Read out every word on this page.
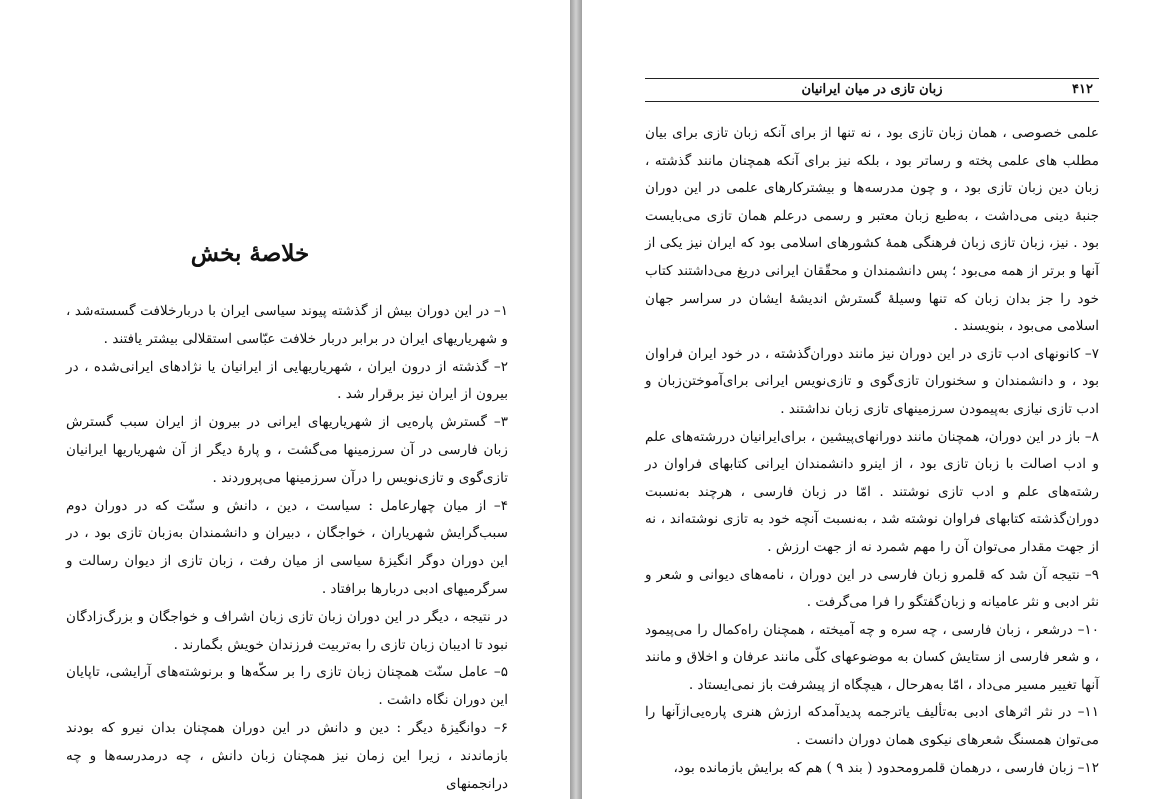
خلاصهٔ بخش

۱– در این دوران بیش از گذشته پیوند سیاسی ایران با دربارخلافت گسسته‌شد ، و شهریاریهای ایران در برابر دربار خلافت عبّاسی استقلالی بیشتر یافتند .

۲– گذشته از درون ایران ، شهریاریهایی از ایرانیان یا نژادهای ایرانی‌شده ، در بیرون از ایران نیز برقرار شد .

۳– گسترش پاره‌یی از شهریاریهای ایرانی در بیرون از ایران سبب گسترش زبان فارسی در آن سرزمینها می‌گشت ، و پارهٔ دیگر از آن شهریاریها ایرانیان تازی‌گوی و تازی‌نویس را درآن سرزمینها می‌پروردند .

۴– از میان چهارعامل : سیاست ، دین ، دانش و سنّت که در دوران دوم سبب‌گرایش شهریاران ، خواجگان ، دبیران و دانشمندان به‌زبان تازی بود ، در این دوران دوگر انگیزهٔ سیاسی از میان رفت ، زبان تازی از دیوان رسالت و سرگرمیهای ادبی دربارها برافتاد .

در نتیجه ، دیگر در این دوران زبان تازی زبان اشراف و خواجگان و بزرگ‌زادگان نبود تا ادیبان زبان تازی را به‌تربیت فرزندان خویش بگمارند .

۵– عامل سنّت همچنان زبان تازی را بر سکّه‌ها و برنوشته‌های آرایشی، تاپایان این دوران نگاه داشت .

۶– دوانگیزهٔ دیگر : دین و دانش در این دوران همچنان بدان نیرو که بودند بازماندند ، زیرا این زمان نیز همچنان زبان دانش ، چه درمدرسه‌ها و چه درانجمنهای

۴۱۲
زبان تازی در میان ایرانیان

علمی خصوصی ، همان زبان تازی بود ، نه تنها از برای آنکه زبان تازی برای بیان مطلب های علمی پخته و رساتر بود ، بلکه نیز برای آنکه همچنان مانند گذشته ، زبان دین زبان تازی بود ، و چون مدرسه‌ها و بیشترکارهای علمی در این دوران جنبهٔ دینی می‌داشت ، به‌طبع زبان معتبر و رسمی درعلم همان تازی می‌بایست بود . نیز، زبان تازی زبان فرهنگی همهٔ کشورهای اسلامی بود که ایران نیز یکی از آنها و برتر از همه می‌بود ؛ پس دانشمندان و محقّقان ایرانی دریغ می‌داشتند کتاب خود را جز بدان زبان که تنها وسیلهٔ گسترش اندیشهٔ ایشان در سراسر جهان اسلامی می‌بود ، بنویسند .

۷– کانونهای ادب تازی در این دوران نیز مانند دوران‌گذشته ، در خود ایران فراوان بود ، و دانشمندان و سخنوران تازی‌گوی و تازی‌نویس‌ ایرانی برای‌آموختن‌زبان و ادب تازی نیازی به‌پیمودن سرزمینهای تازی زبان نداشتند .

۸– باز در این دوران، همچنان مانند دورانهای‌پیشین ، برای‌ایرانیان دررشته‌های علم و ادب اصالت با زبان تازی بود ، از اینرو دانشمندان ایرانی کتابهای فراوان در رشته‌های علم و ادب تازی نوشتند . امّا در زبان فارسی ، هرچند به‌نسبت دوران‌گذشته کتابهای فراوان نوشته شد ، به‌نسبت آنچه خود به تازی نوشته‌اند ، نه از جهت مقدار می‌توان آن را مهم شمرد نه از جهت ارزش .

۹– نتیجه آن شد که قلمرو زبان فارسی در این دوران ، نامه‌های دیوانی و شعر و نثر ادبی و نثر عامیانه و زبان‌گفتگو را فرا می‌گرفت .

۱۰– درشعر ، زبان فارسی ، چه سره و چه آمیخته ، همچنان راه‌کمال را می‌پیمود ، و شعر فارسی از ستایش کسان به موضوعهای کلّی مانند عرفان و اخلاق و مانند آنها تغییر مسیر می‌داد ، امّا به‌هرحال ، هیچگاه از پیشرفت باز نمی‌ایستاد .

۱۱– در نثر اثرهای ادبی به‌تألیف یاترجمه پدیدآمدکه ارزش هنری پاره‌یی‌ازآنها را می‌توان همسنگ شعرهای نیکوی همان دوران دانست .

۱۲– زبان فارسی ، درهمان قلمرومحدود ( بند ۹ ) هم که برایش بازمانده بود،
